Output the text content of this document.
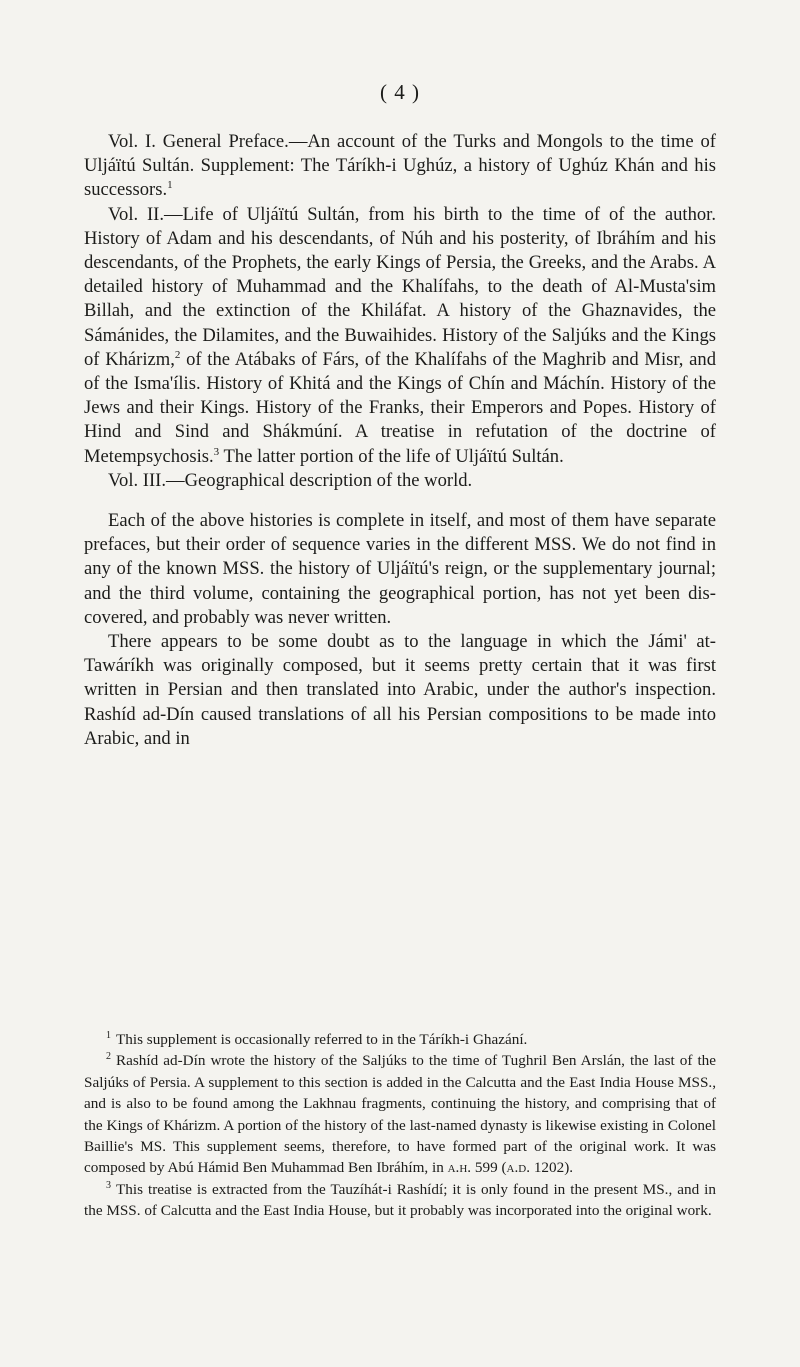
( 4 )

Vol. I. General Preface.—An account of the Turks and Mongols to the time of Uljáïtú Sultán. Supplement: The Táríkh-i Ughúz, a history of Ughúz Khán and his successors.$^1$

Vol. II.—Life of Uljáïtú Sultán, from his birth to the time of of the author. History of Adam and his descendants, of Núh and his posterity, of Ibráhím and his descendants, of the Prophets, the early Kings of Persia, the Greeks, and the Arabs. A detailed history of Muhammad and the Khalífahs, to the death of Al-Musta'sim Billah, and the extinction of the Khiláfat. A history of the Ghaznavides, the Sámánides, the Dilamites, and the Buwaihides. History of the Saljúks and the Kings of Khárizm,$^2$ of the Atábaks of Fárs, of the Khalífahs of the Maghrib and Misr, and of the Isma'ílis. History of Khitá and the Kings of Chín and Máchín. History of the Jews and their Kings. History of the Franks, their Emperors and Popes. History of Hind and Sind and Shákmúní. A treatise in refutation of the doctrine of Metempsychosis.$^3$ The latter portion of the life of Uljáïtú Sultán.

Vol. III.—Geographical description of the world.

Each of the above histories is complete in itself, and most of them have separate prefaces, but their order of sequence varies in the different MSS. We do not find in any of the known MSS. the history of Uljáïtú's reign, or the supplementary journal; and the third volume, containing the geographical portion, has not yet been discovered, and probably was never written.

There appears to be some doubt as to the language in which the Jámi' at-Tawáríkh was originally composed, but it seems pretty certain that it was first written in Persian and then translated into Arabic, under the author's inspection. Rashíd ad-Dín caused translations of all his Persian compositions to be made into Arabic, and in

$^1$ This supplement is occasionally referred to in the Táríkh-i Ghazání.

$^2$ Rashíd ad-Dín wrote the history of the Saljúks to the time of Tughril Ben Arslán, the last of the Saljúks of Persia. A supplement to this section is added in the Calcutta and the East India House MSS., and is also to be found among the Lakhnau fragments, continuing the history, and comprising that of the Kings of Khárizm. A portion of the history of the last-named dynasty is likewise existing in Colonel Baillie's MS. This supplement seems, therefore, to have formed part of the original work. It was composed by Abú Hámid Ben Muhammad Ben Ibráhím, in a.h. 599 (a.d. 1202).

$^3$ This treatise is extracted from the Tauzíhát-i Rashídí; it is only found in the present MS., and in the MSS. of Calcutta and the East India House, but it probably was incorporated into the original work.
